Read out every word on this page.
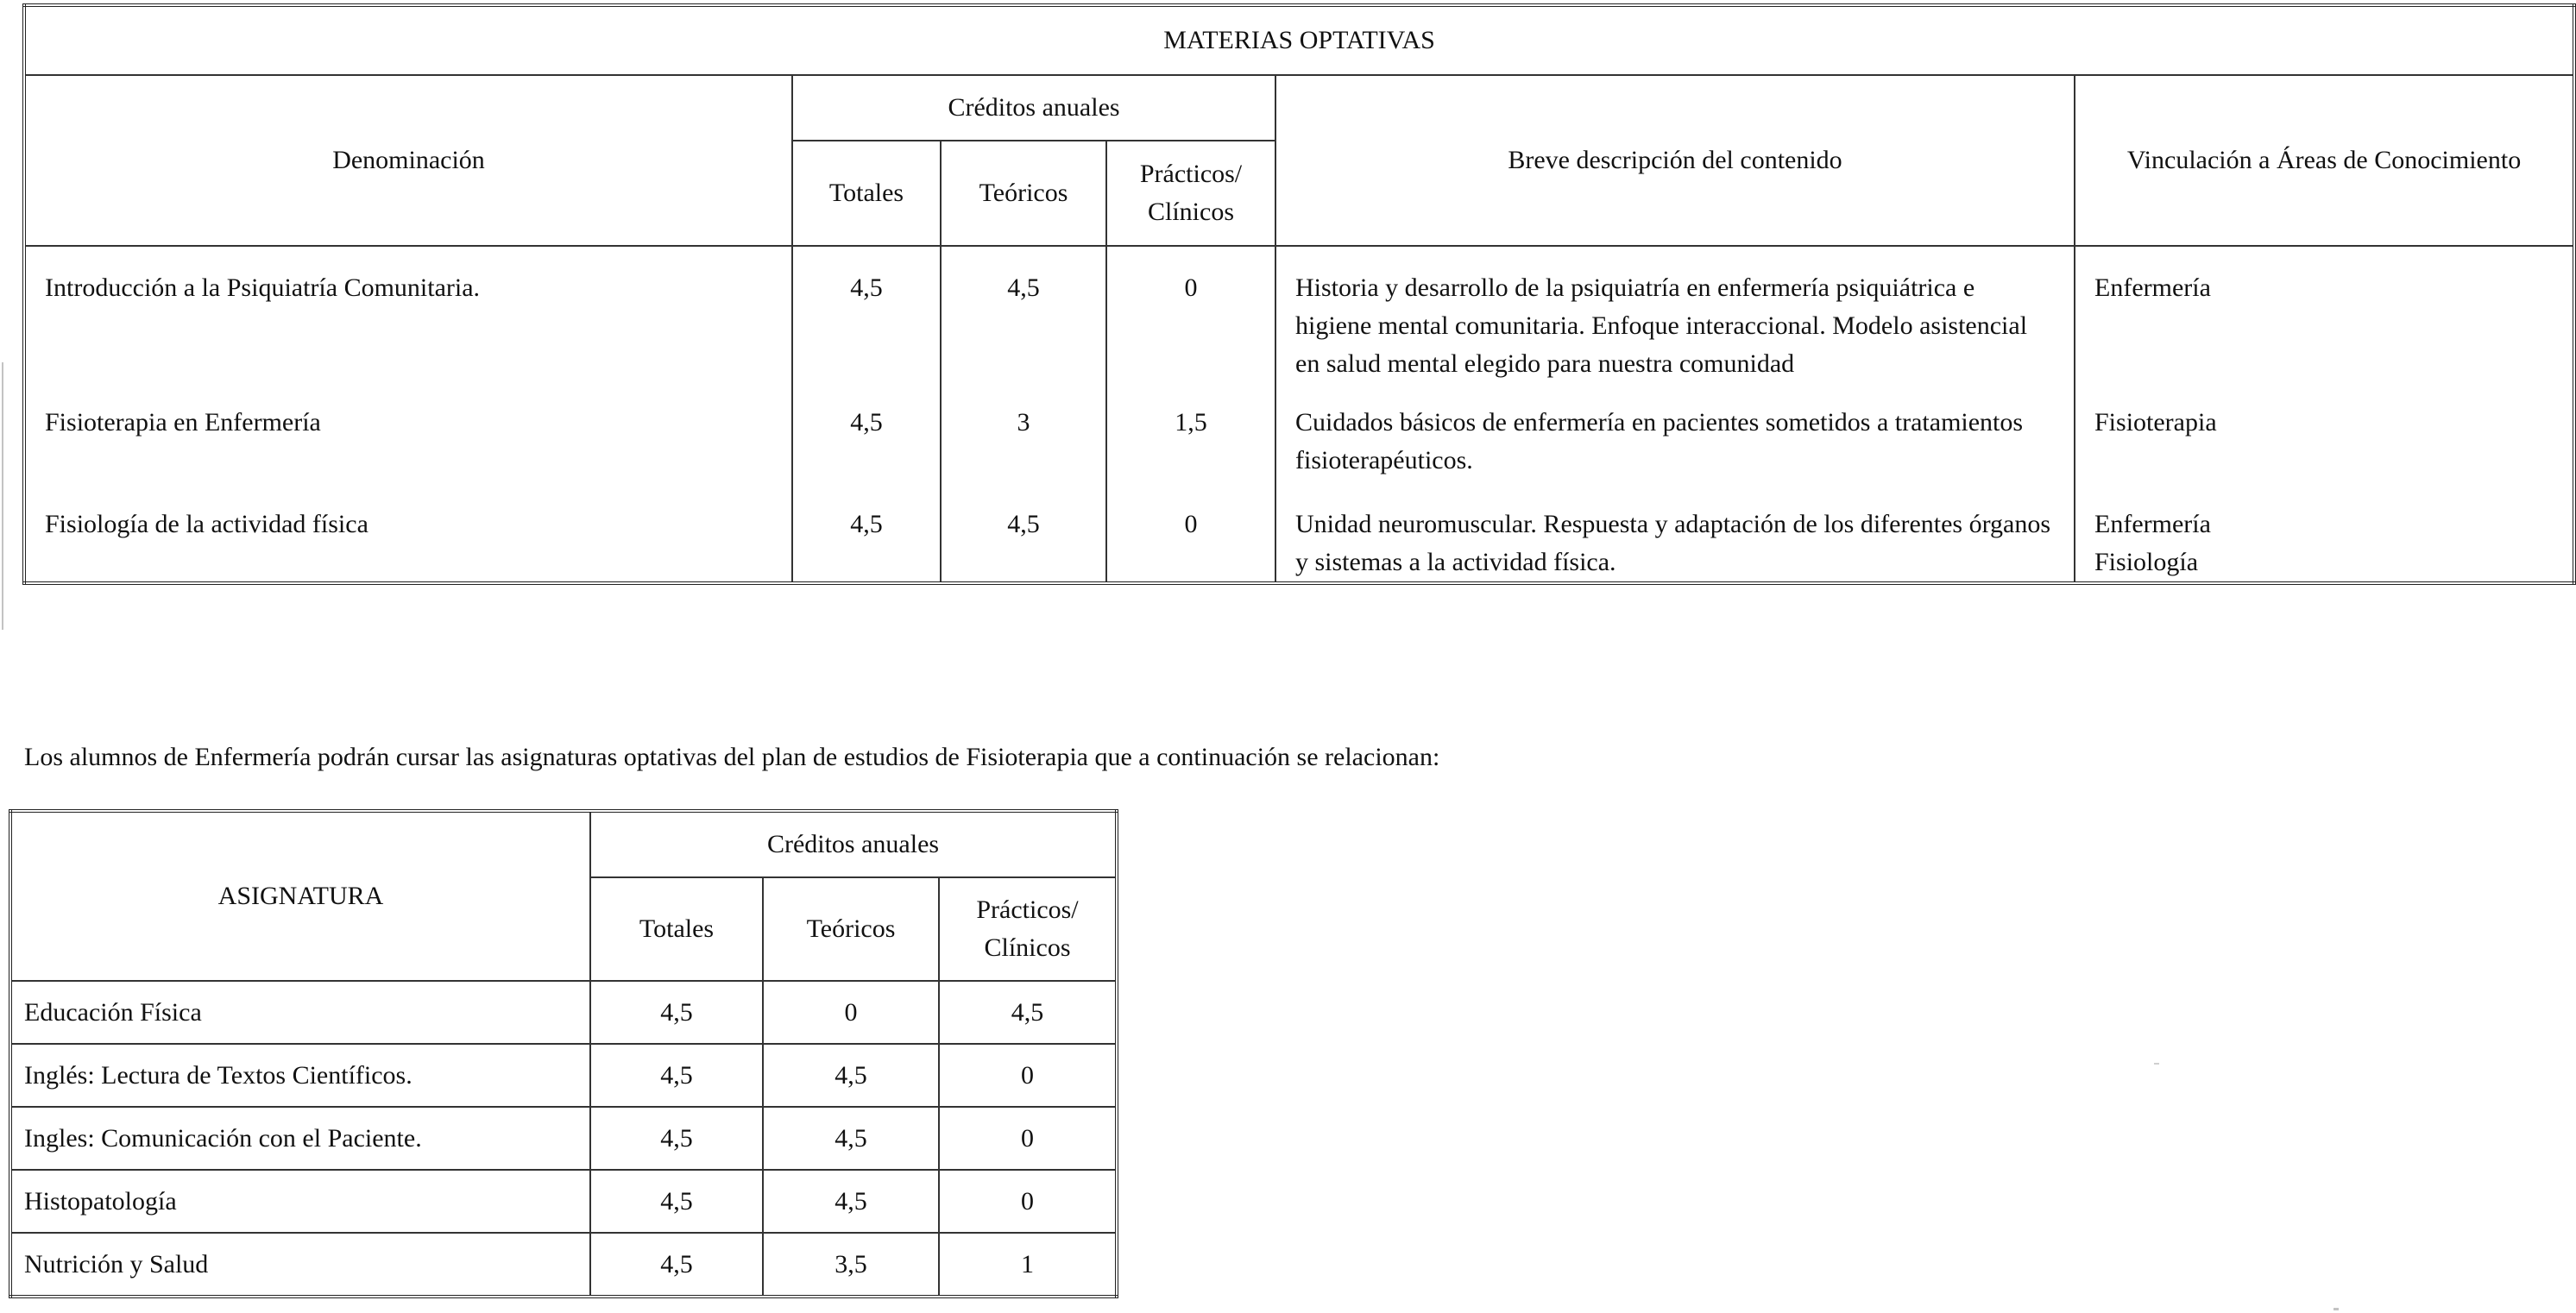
MATERIAS OPTATIVAS					
Denominación	Créditos anuales			Breve descripción del contenido	Vinculación a Áreas de Conocimiento
	Totales	Teóricos	Prácticos/ Clínicos		
Introducción a la Psiquiatría Comunitaria.	4,5	4,5	0	Historia y desarrollo de la psiquiatría en enfermería psiquiátrica e higiene mental comunitaria. Enfoque interaccional. Modelo asistencial en salud mental elegido para nuestra comunidad	Enfermería
Fisioterapia en Enfermería	4,5	3	1,5	Cuidados básicos de enfermería en pacientes sometidos a tratamientos fisioterapéuticos.	Fisioterapia
Fisiología de la actividad física	4,5	4,5	0	Unidad neuromuscular. Respuesta y adaptación de los diferentes órganos y sistemas a la actividad física.	Enfermería
Fisiología

Los alumnos de Enfermería podrán cursar las asignaturas optativas del plan de estudios de Fisioterapia que a continuación se relacionan:

ASIGNATURA	Créditos anuales		
	Totales	Teóricos	Prácticos/ Clínicos
Educación Física	4,5	0	4,5
Inglés: Lectura de Textos Científicos.	4,5	4,5	0
Ingles: Comunicación con el Paciente.	4,5	4,5	0
Histopatología	4,5	4,5	0
Nutrición y Salud	4,5	3,5	1
